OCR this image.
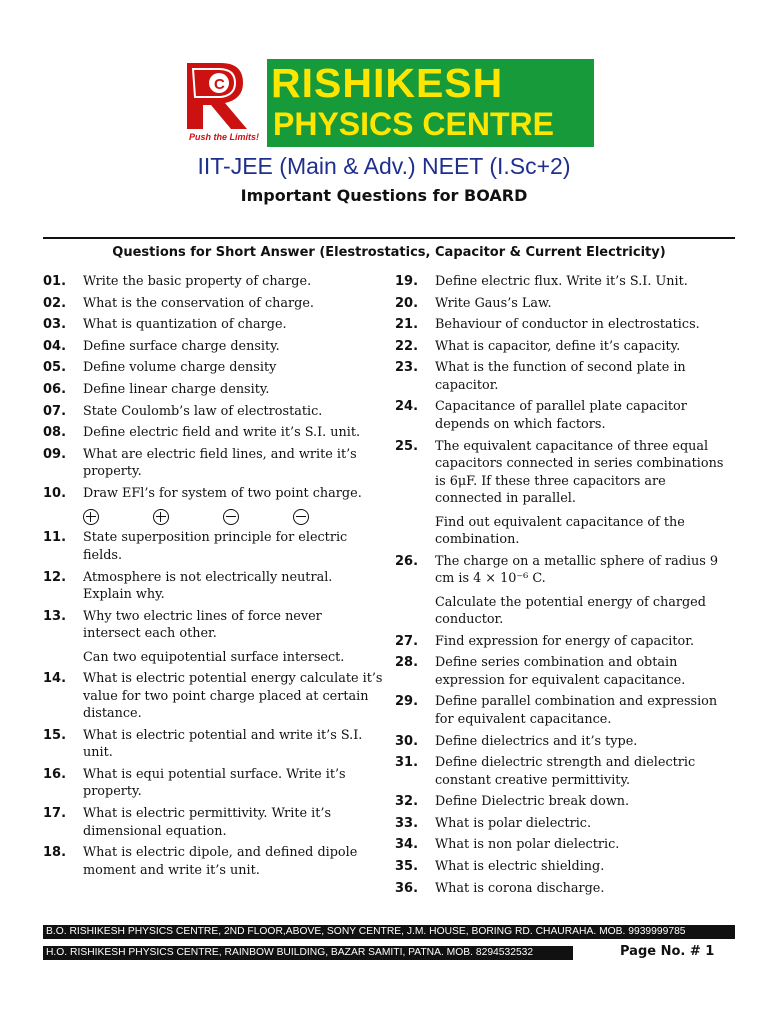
C
Push the Limits!
RISHIKESH
PHYSICS CENTRE
IIT-JEE (Main & Adv.) NEET (I.Sc+2)
Important Questions for BOARD
Questions for Short Answer (Elestrostatics, Capacitor & Current Electricity)
01. Write the basic property of charge.
02. What is the conservation of charge.
03. What is quantization of charge.
04. Define surface charge density.
05. Define volume charge density
06. Define linear charge density.
07. State Coulomb’s law of electrostatic.
08. Define electric field and write it’s S.I. unit.
09. What are electric field lines, and write it’s property.
10. Draw EFl’s for system of two point charge.
11. State superposition principle for electric fields.
12. Atmosphere is not electrically neutral. Explain why.
13. Why two electric lines of force never intersect each other.
Can two equipotential surface intersect.
14. What is electric potential energy calculate it’s value for two point charge placed at certain distance.
15. What is electric potential and write it’s S.I. unit.
16. What is equi potential surface. Write it’s property.
17. What is electric permittivity. Write it’s dimensional equation.
18. What is electric dipole, and defined dipole moment and write it’s unit.
19. Define electric flux. Write it’s S.I. Unit.
20. Write Gaus’s Law.
21. Behaviour of conductor in electrostatics.
22. What is capacitor, define it’s capacity.
23. What is the function of second plate in capacitor.
24. Capacitance of parallel plate capacitor depends on which factors.
25. The equivalent capacitance of three equal capacitors connected in series combinations is 6μF. If these three capacitors are connected in parallel.
Find out equivalent capacitance of the combination.
26. The charge on a metallic sphere of radius 9 cm is 4 × 10⁻⁶ C.
Calculate the potential energy of charged conductor.
27. Find expression for energy of capacitor.
28. Define series combination and obtain expression for equivalent capacitance.
29. Define parallel combination and expression for equivalent capacitance.
30. Define dielectrics and it’s type.
31. Define dielectric strength and dielectric constant creative permittivity.
32. Define Dielectric break down.
33. What is polar dielectric.
34. What is non polar dielectric.
35. What is electric shielding.
36. What is corona discharge.
B.O. RISHIKESH PHYSICS CENTRE, 2ND FLOOR,ABOVE, SONY CENTRE, J.M. HOUSE, BORING RD. CHAURAHA. MOB. 9939999785
H.O. RISHIKESH PHYSICS CENTRE, RAINBOW BUILDING, BAZAR SAMITI, PATNA. MOB. 8294532532	Page No. # 1
